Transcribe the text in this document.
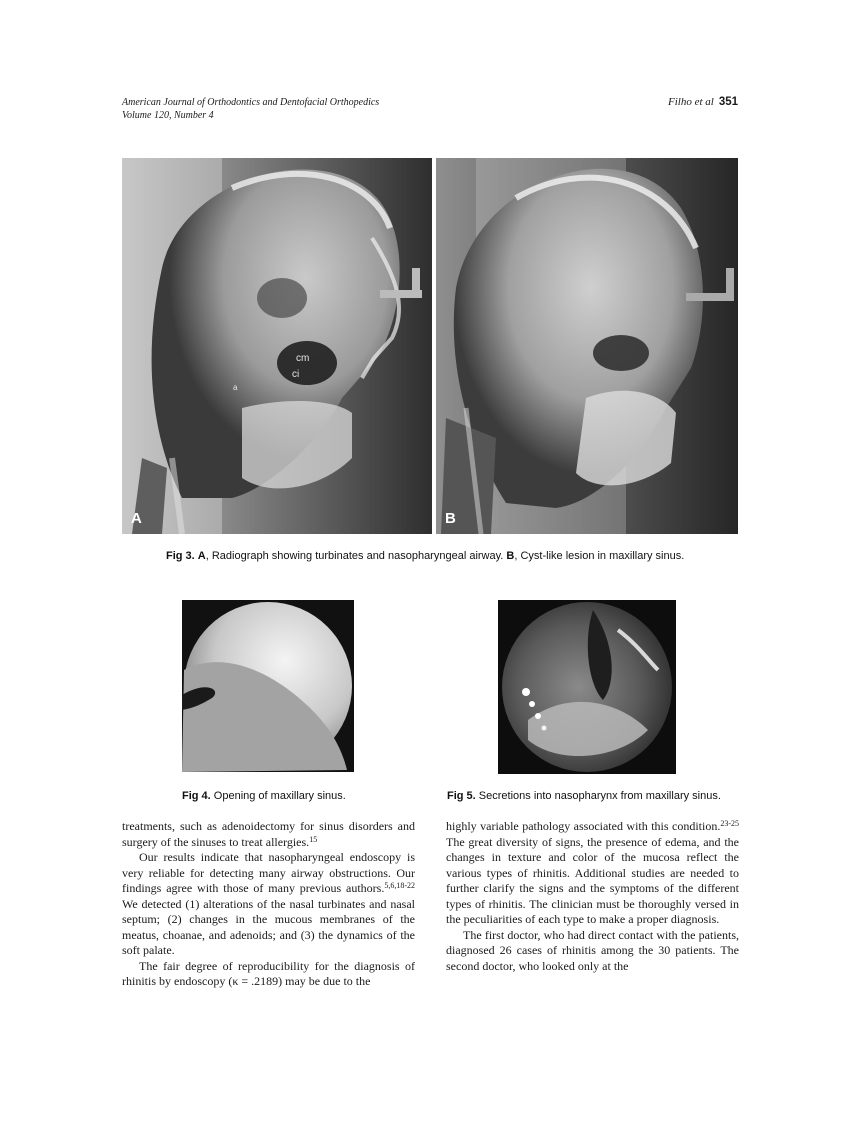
American Journal of Orthodontics and Dentofacial Orthopedics
Volume 120, Number 4
Filho et al 351
cm
ci
a
A	B
Fig 3. A, Radiograph showing turbinates and nasopharyngeal airway. B, Cyst-like lesion in maxillary sinus.
Fig 4. Opening of maxillary sinus.	Fig 5. Secretions into nasopharynx from maxillary sinus.

treatments, such as adenoidectomy for sinus disorders and surgery of the sinuses to treat allergies.$^{15}$

Our results indicate that nasopharyngeal endoscopy is very reliable for detecting many airway obstructions. Our findings agree with those of many previous authors.$^{5,6,18-22}$ We detected (1) alterations of the nasal turbinates and nasal septum; (2) changes in the mucous membranes of the meatus, choanae, and adenoids; and (3) the dynamics of the soft palate.

The fair degree of reproducibility for the diagnosis of rhinitis by endoscopy (κ = .2189) may be due to the

highly variable pathology associated with this condition.$^{23-25}$ The great diversity of signs, the presence of edema, and the changes in texture and color of the mucosa reflect the various types of rhinitis. Additional studies are needed to further clarify the signs and the symptoms of the different types of rhinitis. The clinician must be thoroughly versed in the peculiarities of each type to make a proper diagnosis.

The first doctor, who had direct contact with the patients, diagnosed 26 cases of rhinitis among the 30 patients. The second doctor, who looked only at the
